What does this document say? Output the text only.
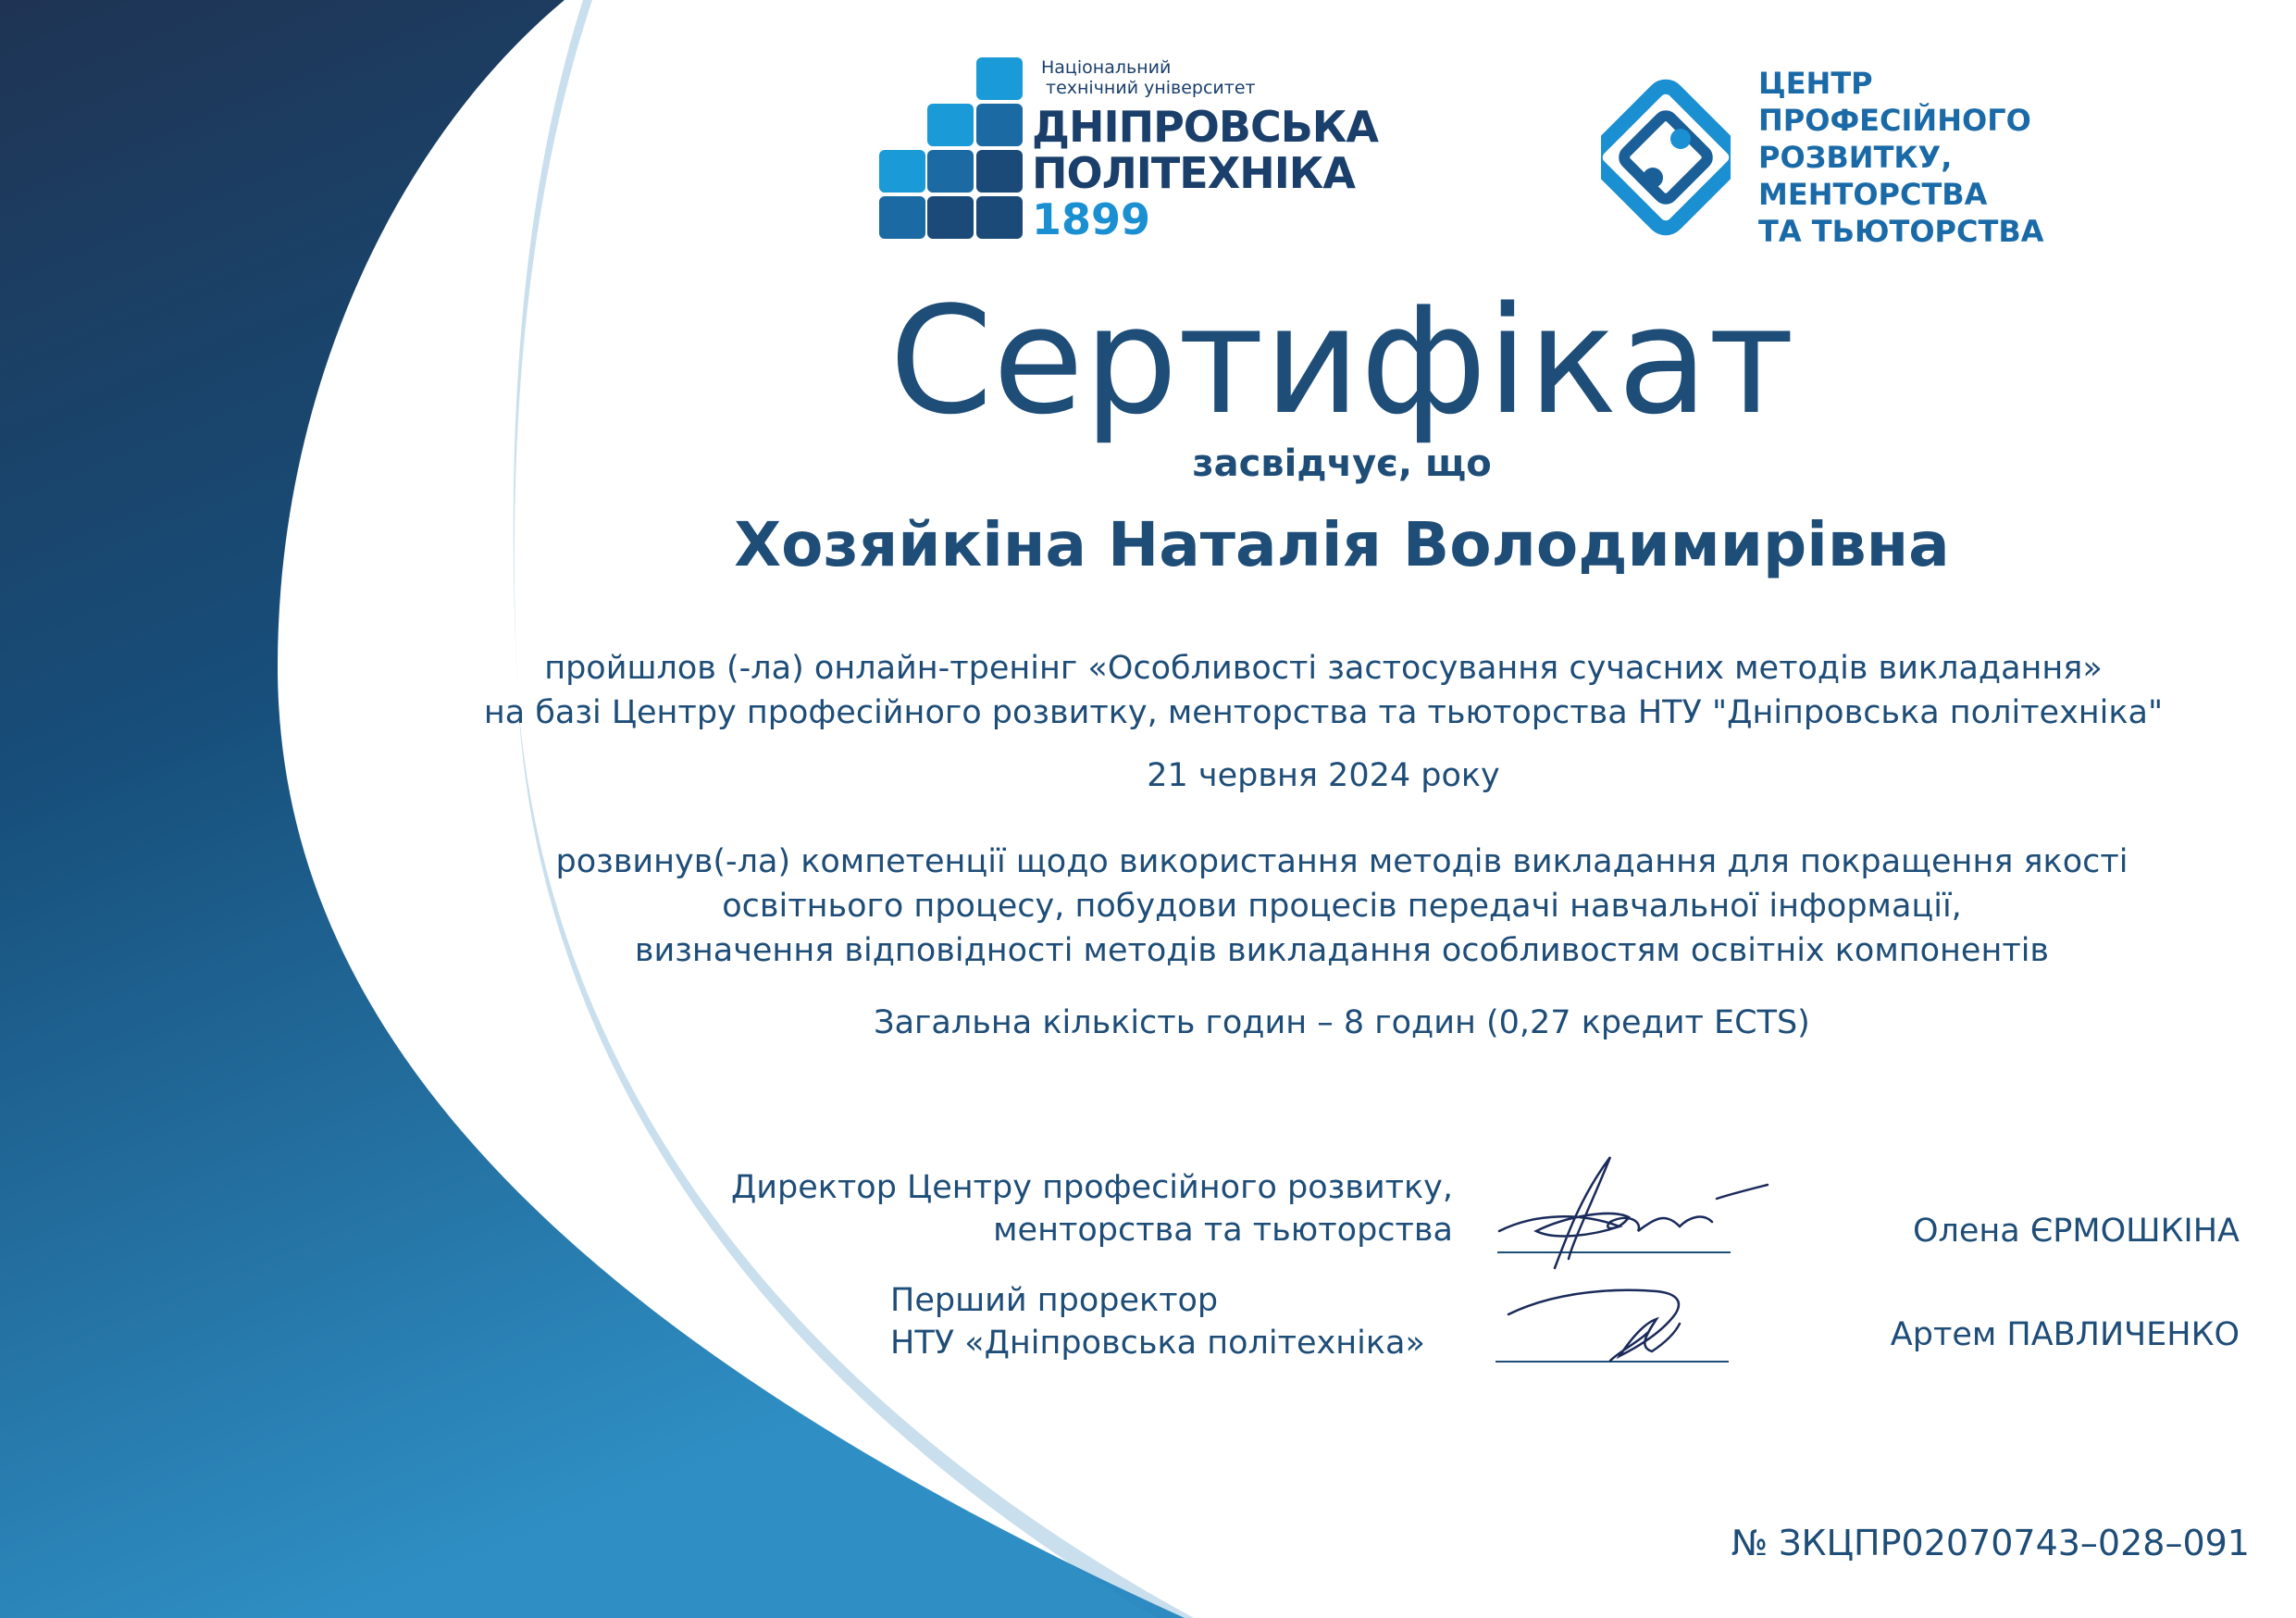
Національний
технічний університет
ДНІПРОВСЬКА
ПОЛІТЕХНІКА
1899
ЦЕНТР
ПРОФЕСІЙНОГО
РОЗВИТКУ,
МЕНТОРСТВА
ТА ТЬЮТОРСТВА
Сертифікат
засвідчує, що
Хозяйкіна Наталія Володимирівна
пройшлов (-ла) онлайн-тренінг «Особливості застосування сучасних методів викладання»
на базі Центру професійного розвитку, менторства та тьюторства НТУ "Дніпровська політехніка"
21 червня 2024 року
розвинув(-ла) компетенції щодо використання методів викладання для покращення якості
освітнього процесу, побудови процесів передачі навчальної інформації,
визначення відповідності методів викладання особливостям освітніх компонентів
Загальна кількість годин – 8 годин (0,27 кредит ECTS)
Директор Центру професійного розвитку,
менторства та тьюторства	Олена ЄРМОШКІНА
Перший проректор
НТУ «Дніпровська політехніка»	Артем ПАВЛИЧЕНКО
№ ЗКЦПР02070743–028–091
